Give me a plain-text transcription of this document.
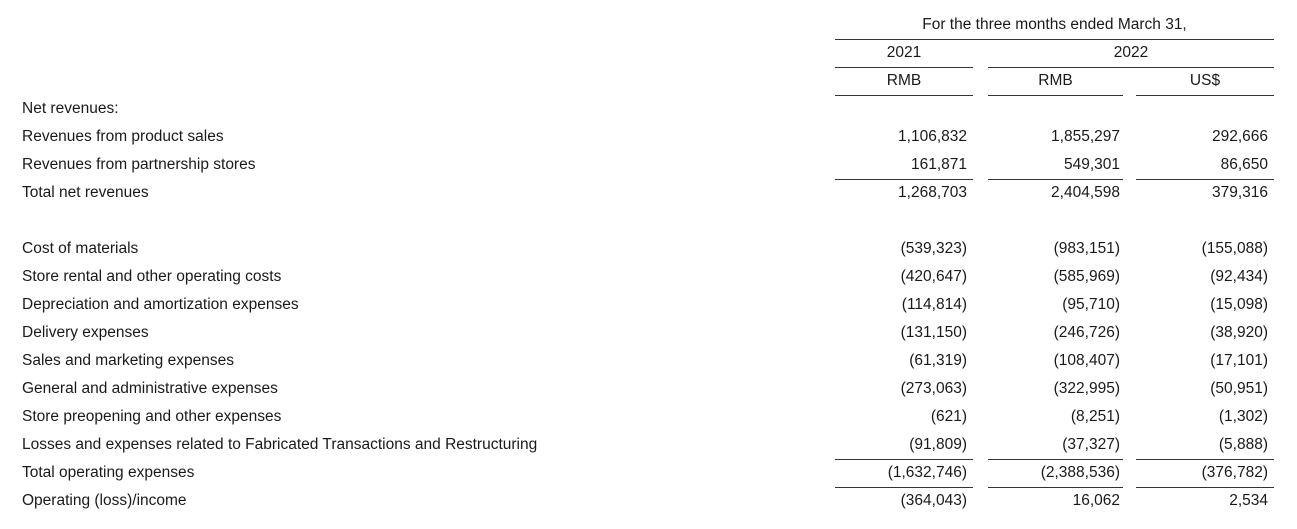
For the three months ended March 31,
2021	2022
RMB	RMB	US$
Net revenues:
Revenues from product sales	1,106,832	1,855,297	292,666
Revenues from partnership stores	161,871	549,301	86,650
Total net revenues	1,268,703	2,404,598	379,316
Cost of materials	(539,323)	(983,151)	(155,088)
Store rental and other operating costs	(420,647)	(585,969)	(92,434)
Depreciation and amortization expenses	(114,814)	(95,710)	(15,098)
Delivery expenses	(131,150)	(246,726)	(38,920)
Sales and marketing expenses	(61,319)	(108,407)	(17,101)
General and administrative expenses	(273,063)	(322,995)	(50,951)
Store preopening and other expenses	(621)	(8,251)	(1,302)
Losses and expenses related to Fabricated Transactions and Restructuring	(91,809)	(37,327)	(5,888)
Total operating expenses	(1,632,746)	(2,388,536)	(376,782)
Operating (loss)/income	(364,043)	16,062	2,534
